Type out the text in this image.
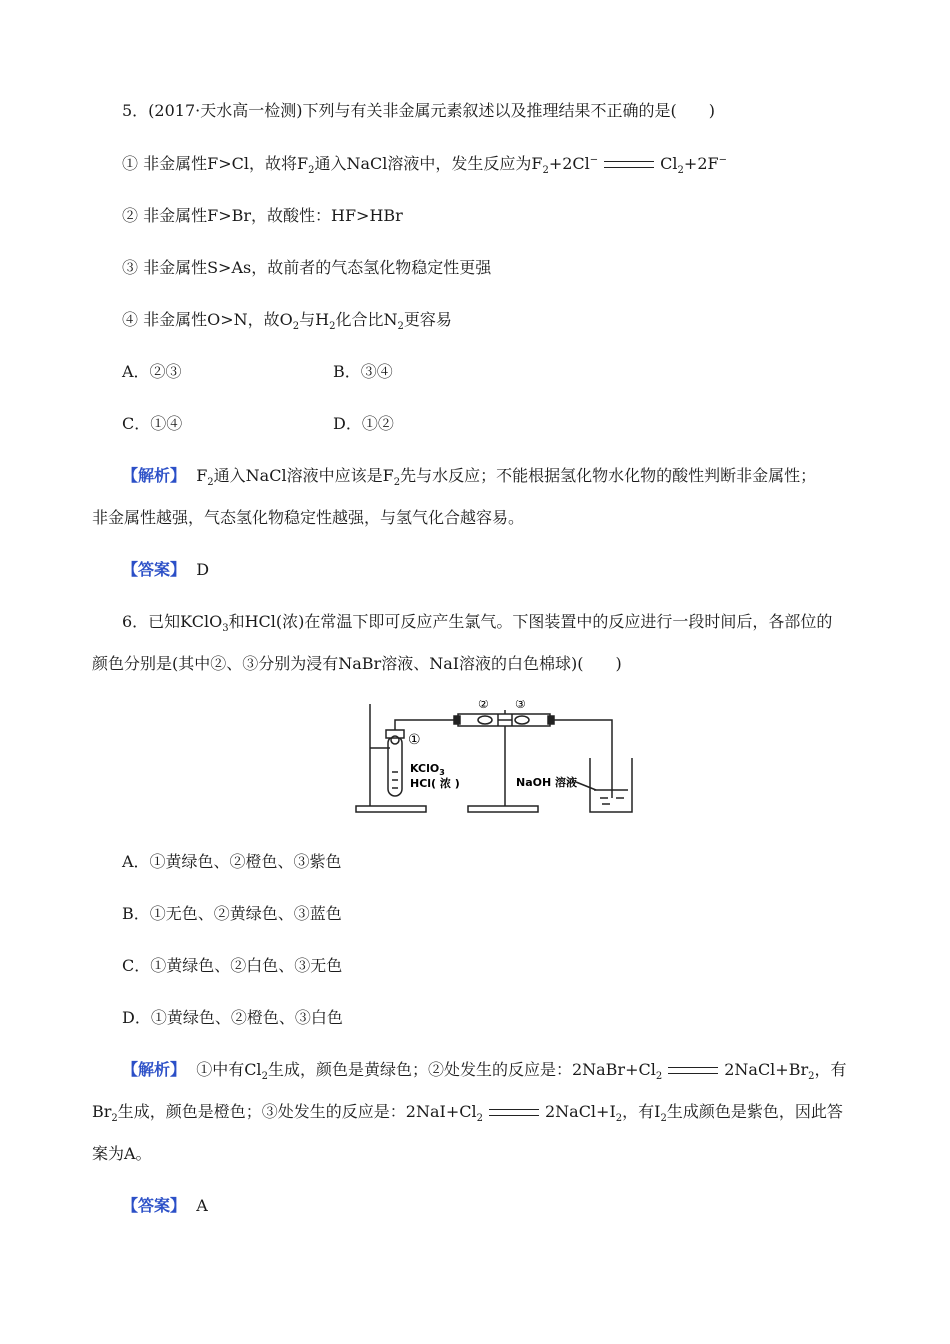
5．(2017·天水高一检测)下列与有关非金属元素叙述以及推理结果不正确的是(　　)
① 非金属性F>Cl，故将$F_2$通入NaCl溶液中，发生反应为$F_2+2Cl^-$	$Cl_2+2F^-$
② 非金属性F>Br，故酸性：HF>HBr
③ 非金属性S>As，故前者的气态氢化物稳定性更强
④ 非金属性O>N，故$O_2$与$H_2$化合比$N_2$更容易
A．②③	B．③④
C．①④	D．①②
【解析】 $F_2$通入NaCl溶液中应该是$F_2$先与水反应；不能根据氢化物水化物的酸性判断非金属性；
非金属性越强，气态氢化物稳定性越强，与氢气化合越容易。
【答案】 D
6．已知KClO$_3$和HCl(浓)在常温下即可反应产生氯气。下图装置中的反应进行一段时间后，各部位的
颜色分别是(其中②、③分别为浸有NaBr溶液、NaI溶液的白色棉球)(　　)
①
② ③
KClO$_3$
HCl( 浓 )	NaOH 溶液
A．①黄绿色、②橙色、③紫色
B．①无色、②黄绿色、③蓝色
C．①黄绿色、②白色、③无色
D．①黄绿色、②橙色、③白色
【解析】 ①中有$Cl_2$生成，颜色是黄绿色；②处发生的反应是：$2NaBr+Cl_2$	$2NaCl+Br_2$，有
$Br_2$生成，颜色是橙色；③处发生的反应是：$2NaI+Cl_2$	$2NaCl+I_2$，有$I_2$生成颜色是紫色，因此答
案为A。
【答案】 A
